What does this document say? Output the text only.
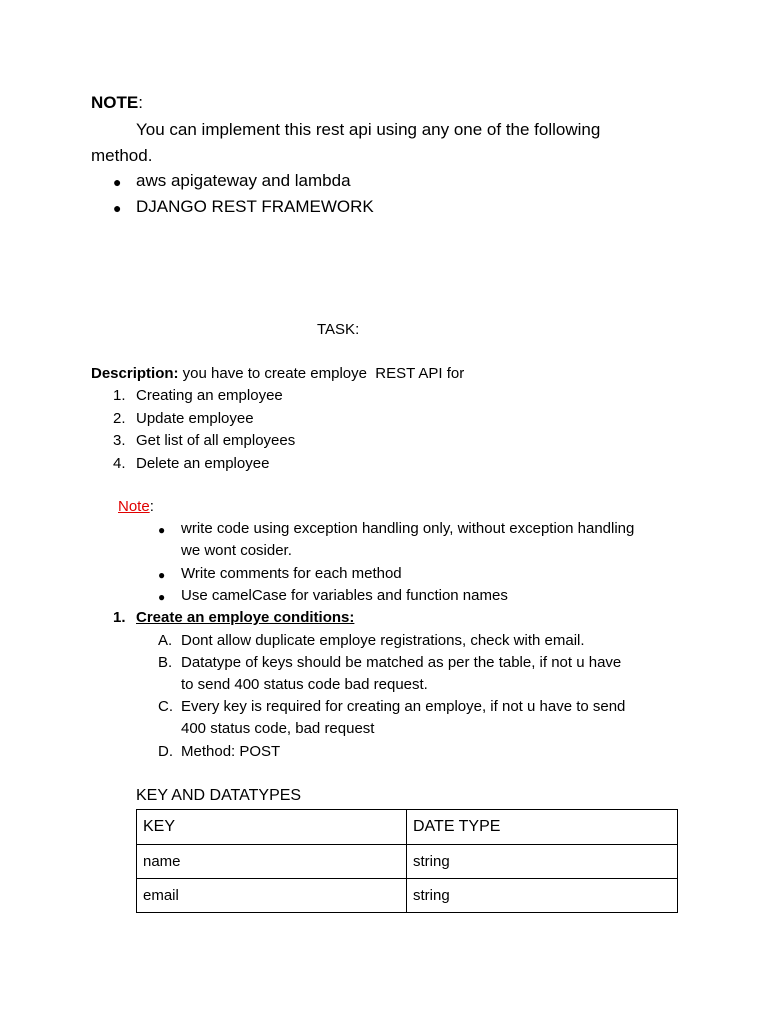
NOTE:
You can implement this rest api using any one of the following
method.
● aws apigateway and lambda
● DJANGO REST FRAMEWORK
TASK:
Description: you have to create employe  REST API for
1. Creating an employee
2. Update employee
3. Get list of all employees
4. Delete an employee
Note:
● write code using exception handling only, without exception handling
we wont cosider.
● Write comments for each method
● Use camelCase for variables and function names
1. Create an employe conditions:
A. Dont allow duplicate employe registrations, check with email.
B. Datatype of keys should be matched as per the table, if not u have
to send 400 status code bad request.
C. Every key is required for creating an employe, if not u have to send
400 status code, bad request
D. Method: POST
KEY AND DATATYPES
KEY	DATE TYPE
name	string
email	string
